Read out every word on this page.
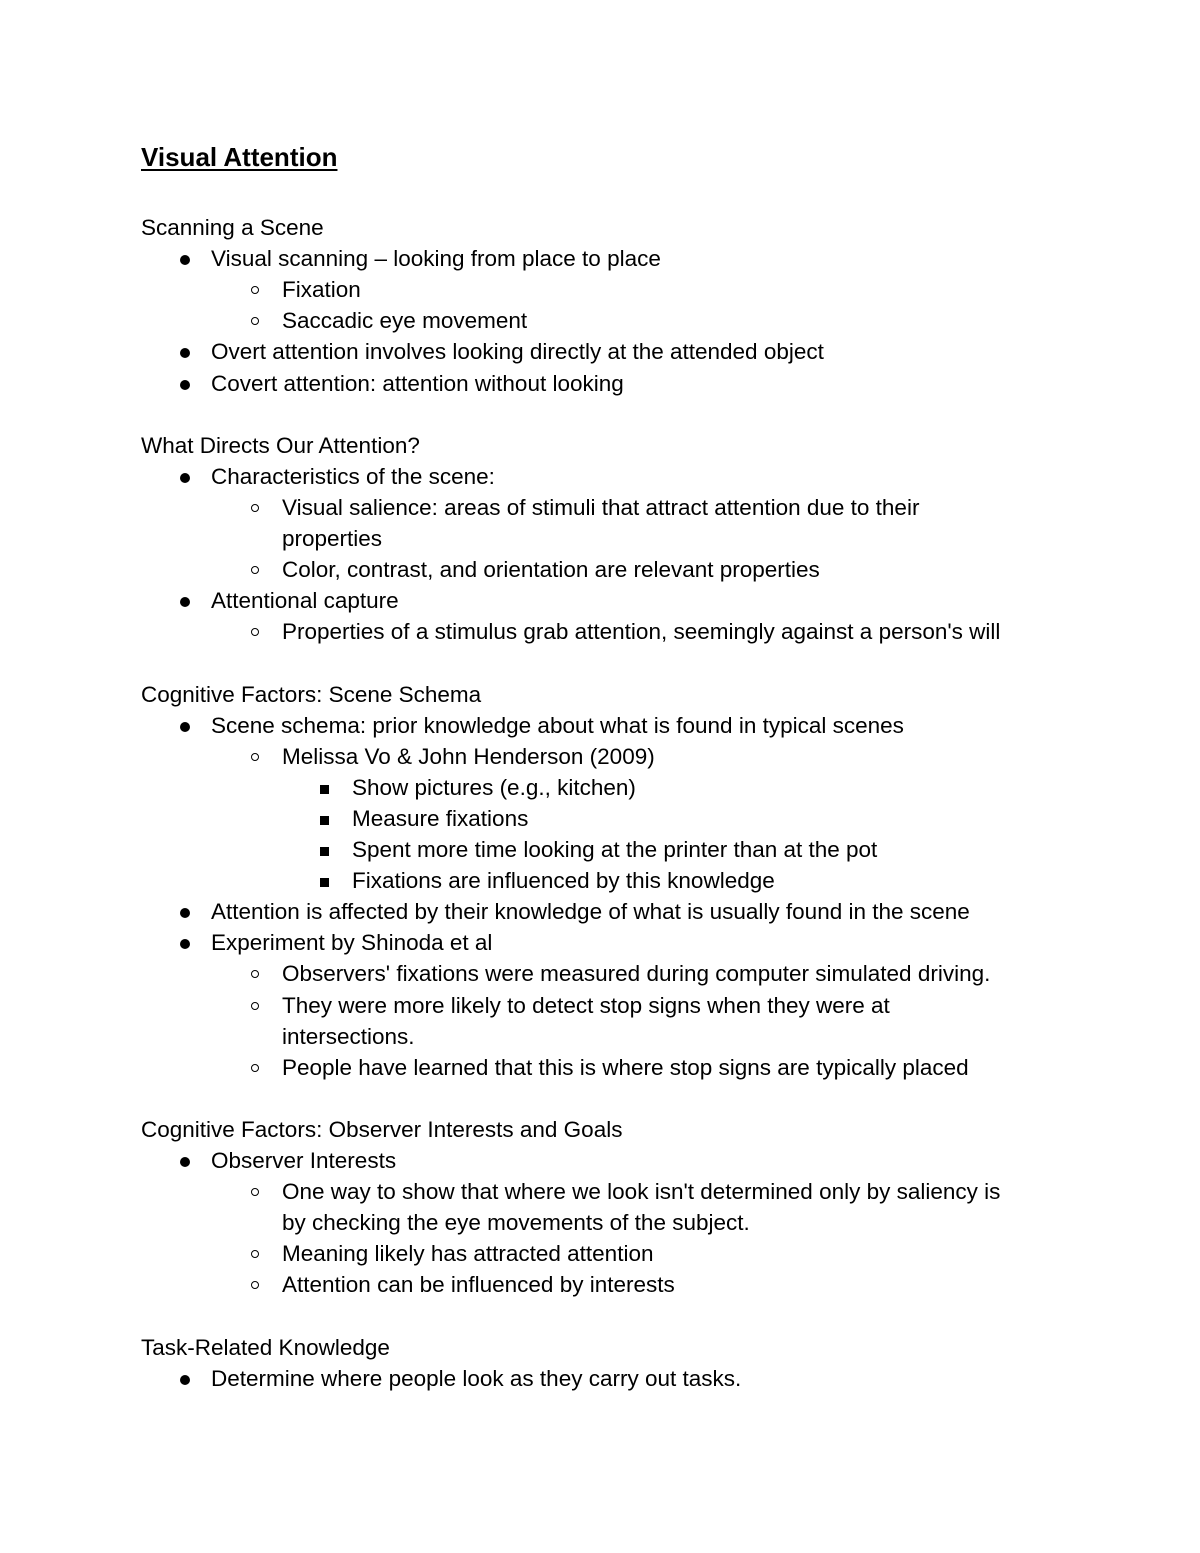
Visual Attention
Scanning a Scene
Visual scanning – looking from place to place
Fixation
Saccadic eye movement
Overt attention involves looking directly at the attended object
Covert attention: attention without looking
What Directs Our Attention?
Characteristics of the scene:
Visual salience: areas of stimuli that attract attention due to their
properties
Color, contrast, and orientation are relevant properties
Attentional capture
Properties of a stimulus grab attention, seemingly against a person's will
Cognitive Factors: Scene Schema
Scene schema: prior knowledge about what is found in typical scenes
Melissa Vo & John Henderson (2009)
Show pictures (e.g., kitchen)
Measure fixations
Spent more time looking at the printer than at the pot
Fixations are influenced by this knowledge
Attention is affected by their knowledge of what is usually found in the scene
Experiment by Shinoda et al
Observers' fixations were measured during computer simulated driving.
They were more likely to detect stop signs when they were at
intersections.
People have learned that this is where stop signs are typically placed
Cognitive Factors: Observer Interests and Goals
Observer Interests
One way to show that where we look isn't determined only by saliency is
by checking the eye movements of the subject.
Meaning likely has attracted attention
Attention can be influenced by interests
Task-Related Knowledge
Determine where people look as they carry out tasks.
